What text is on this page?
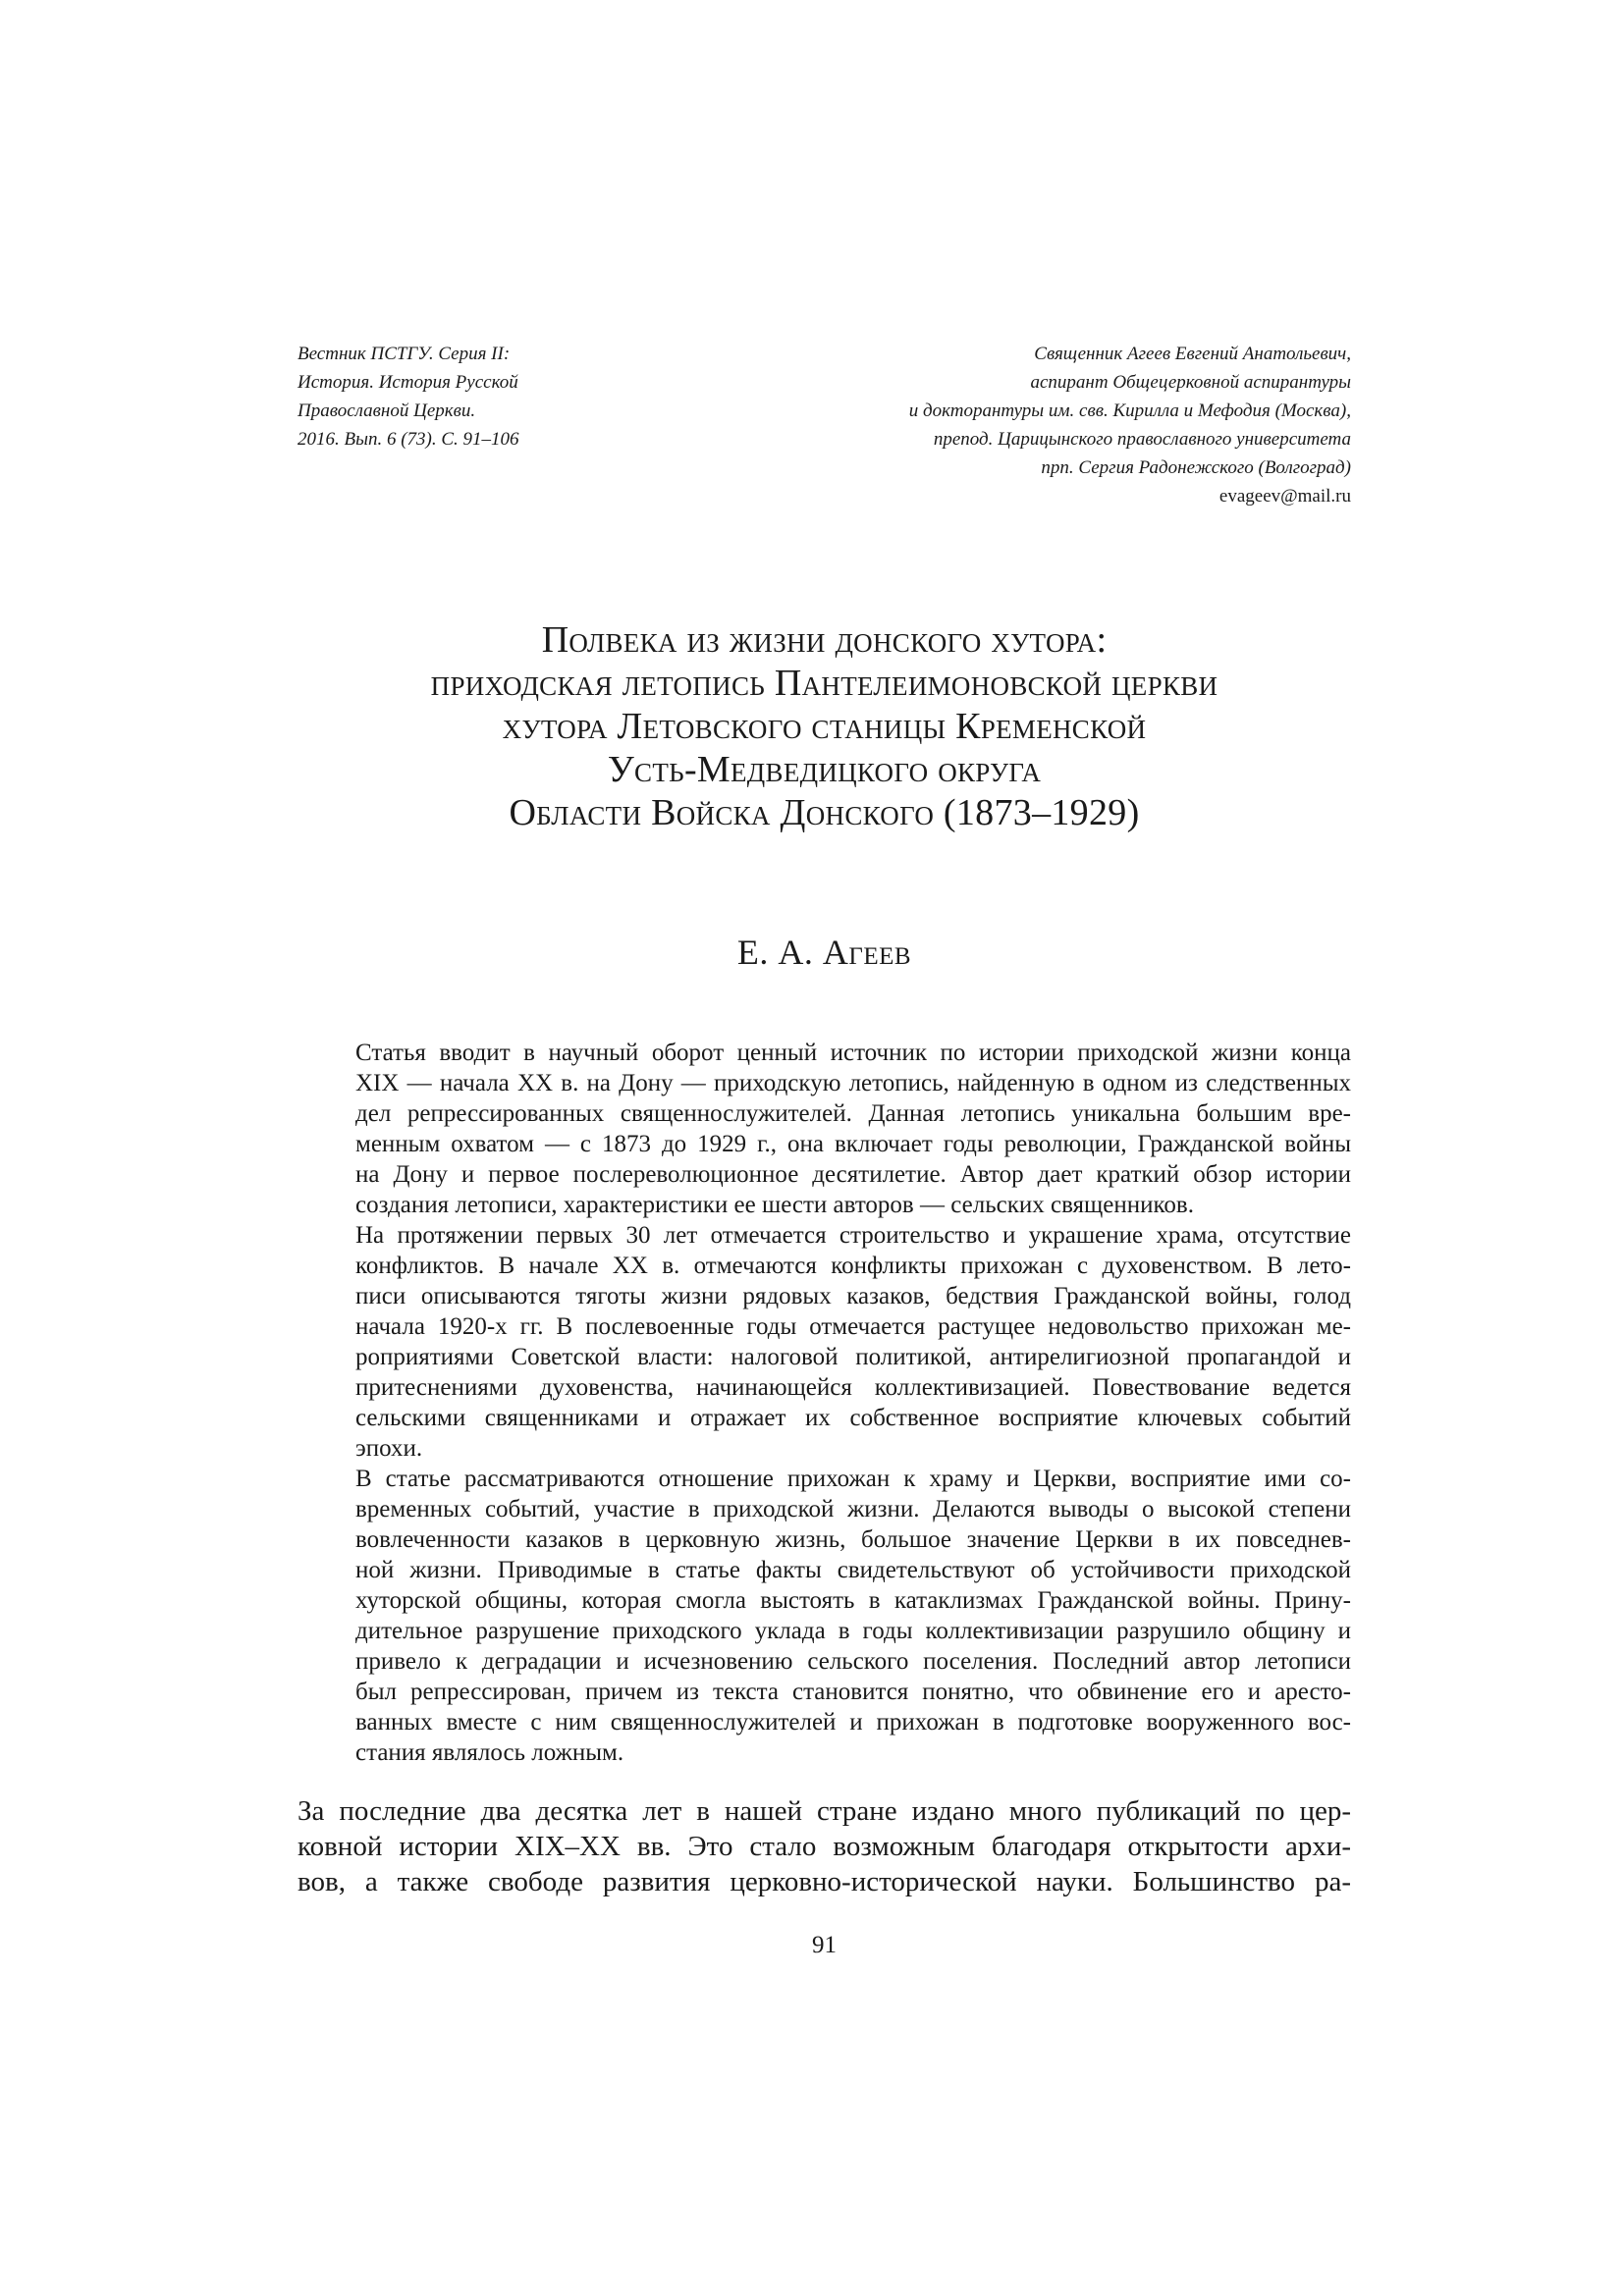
Вестник ПСТГУ. Серия II:
История. История Русской
Православной Церкви.
2016. Вып. 6 (73). С. 91–106
Священник Агеев Евгений Анатольевич,
аспирант Общецерковной аспирантуры
и докторантуры им. свв. Кирилла и Мефодия (Москва),
препод. Царицынского православного университета
прп. Сергия Радонежского (Волгоград)
evageev@mail.ru
Полвека из жизни донского хутора:
приходская летопись Пантелеимоновской церкви
хутора Летовского станицы Кременской
Усть-Медведицкого округа
Области Войска Донского (1873–1929)
Е. А. Агеев
Статья вводит в научный оборот ценный источник по истории приходской жизни конца
XIX — начала XX в. на Дону — приходскую летопись, найденную в одном из следственных
дел репрессированных священнослужителей. Данная летопись уникальна большим вре-
менным охватом — с 1873 до 1929 г., она включает годы революции, Гражданской войны
на Дону и первое послереволюционное десятилетие. Автор дает краткий обзор истории
создания летописи, характеристики ее шести авторов — сельских священников.
На протяжении первых 30 лет отмечается строительство и украшение храма, отсутствие
конфликтов. В начале XX в. отмечаются конфликты прихожан с духовенством. В лето-
писи описываются тяготы жизни рядовых казаков, бедствия Гражданской войны, голод
начала 1920-х гг. В послевоенные годы отмечается растущее недовольство прихожан ме-
роприятиями Советской власти: налоговой политикой, антирелигиозной пропагандой и
притеснениями духовенства, начинающейся коллективизацией. Повествование ведется
сельскими священниками и отражает их собственное восприятие ключевых событий
эпохи.
В статье рассматриваются отношение прихожан к храму и Церкви, восприятие ими со-
временных событий, участие в приходской жизни. Делаются выводы о высокой степени
вовлеченности казаков в церковную жизнь, большое значение Церкви в их повседнев-
ной жизни. Приводимые в статье факты свидетельствуют об устойчивости приходской
хуторской общины, которая смогла выстоять в катаклизмах Гражданской войны. Прину-
дительное разрушение приходского уклада в годы коллективизации разрушило общину и
привело к деградации и исчезновению сельского поселения. Последний автор летописи
был репрессирован, причем из текста становится понятно, что обвинение его и аресто-
ванных вместе с ним священнослужителей и прихожан в подготовке вооруженного вос-
стания являлось ложным.
За последние два десятка лет в нашей стране издано много публикаций по цер-
ковной истории XIX–XX вв. Это стало возможным благодаря открытости архи-
вов, а также свободе развития церковно-исторической науки. Большинство ра-
91
